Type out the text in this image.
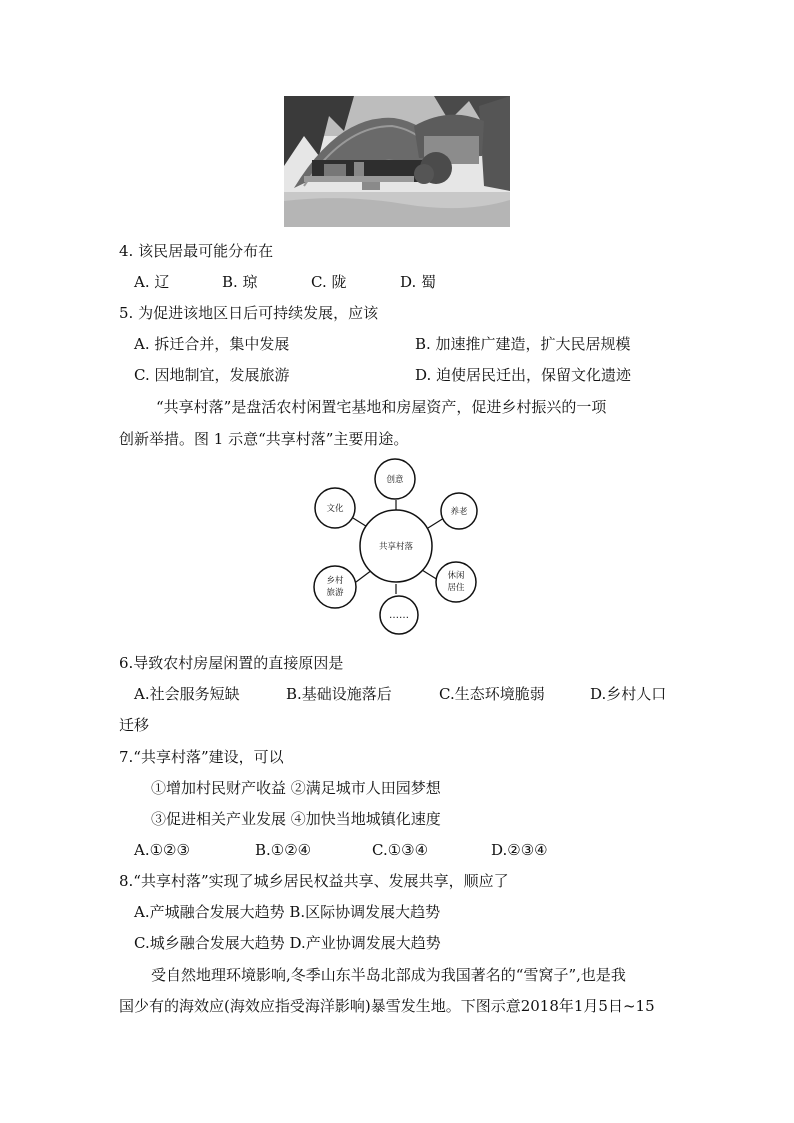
4. 该民居最可能分布在
A. 辽	B. 琼	C. 陇	D. 蜀
5. 为促进该地区日后可持续发展，应该
A. 拆迁合并，集中发展	B. 加速推广建造，扩大民居规模
C. 因地制宜，发展旅游	D. 迫使居民迁出，保留文化遗迹
“共享村落”是盘活农村闲置宅基地和房屋资产，促进乡村振兴的一项
创新举措。图 1 示意“共享村落”主要用途。
共享村落
创意
养老
文化
乡村
旅游
休闲
居住
……
6.导致农村房屋闲置的直接原因是
A.社会服务短缺	B.基础设施落后	C.生态环境脆弱	D.乡村人口
迁移
7.“共享村落”建设，可以
①增加村民财产收益 ②满足城市人田园梦想
③促进相关产业发展 ④加快当地城镇化速度
A.①②③	B.①②④	C.①③④	D.②③④
8.“共享村落”实现了城乡居民权益共享、发展共享，顺应了
A.产城融合发展大趋势 B.区际协调发展大趋势
C.城乡融合发展大趋势 D.产业协调发展大趋势
受自然地理环境影响,冬季山东半岛北部成为我国著名的“雪窝子”,也是我
国少有的海效应(海效应指受海洋影响)暴雪发生地。下图示意2018年1月5日~15
